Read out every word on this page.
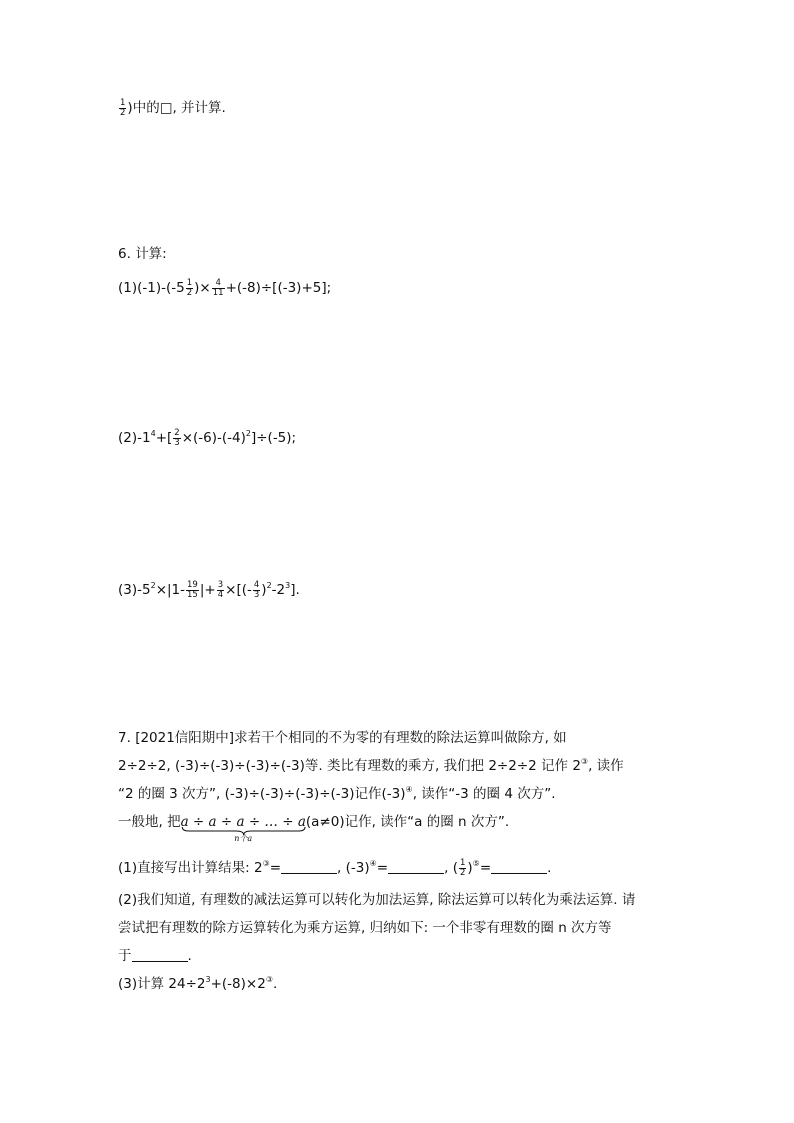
$\frac{1}{2}$ )中的□, 并计算.
6. 计算:
$(1)(-1)-(-5 \frac{1}{2}$ )× $\frac{4}{11} +(-8)\div[(-3)+5]$;
$(2)-1^4+[ \frac{2}{3} \times(-6)-(-4)^2]\div(-5)$;
$(3)-5^2\times|1- \frac{19}{15}$ |+ $\frac{3}{4}$ ×[(- $\frac{4}{3} )^2-2^3$].
7. [2021信阳期中]求若干个相同的不为零的有理数的除法运算叫做除方, 如
2÷2÷2, (-3)÷(-3)÷(-3)÷(-3)等. 类比有理数的乘方, 我们把 2÷2÷2 记作 2③, 读作
“2 的圈 3 次方”, (-3)÷(-3)÷(-3)÷(-3)记作(-3)④, 读作“-3 的圈 4 次方”.
一般地, 把a ÷ a ÷ a ÷ … ÷ a
n个a
(a≠0)记作, 读作“a 的圈 n 次方”.
(1)直接写出计算结果: 2③=	, (-3)④=	, ( $\frac{1}{2} )^⑤=$	.
(2)我们知道, 有理数的减法运算可以转化为加法运算, 除法运算可以转化为乘法运算. 请
尝试把有理数的除方运算转化为乘方运算, 归纳如下: 一个非零有理数的圈 n 次方等
于	.
(3)计算 $24\div 2^3+(-8)\times 2^③$.
